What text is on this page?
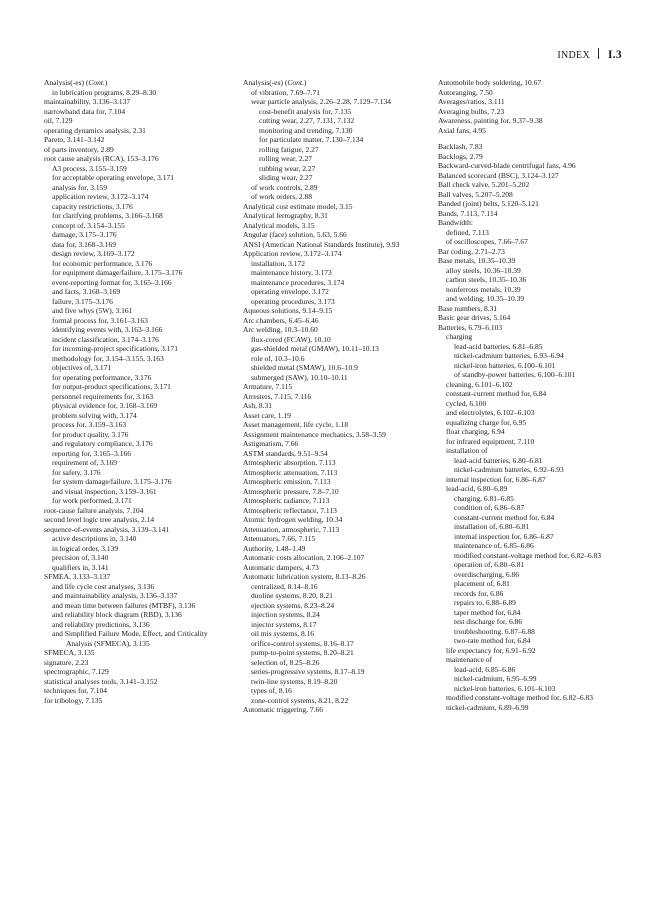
INDEX I.3
Analysis(-es) (Cont.)
in lubrication programs, 8.29–8.30
maintainability, 3.136–3.137
narrowband data for, 7.104
oil, 7.129
operating dynamics analysis, 2.31
Pareto, 3.141–3.142
of parts inventory, 2.89
root cause analysis (RCA), 153–3.176
A3 process, 3.155–3.159
for acceptable operating envelope, 3.171
analysis for, 3.159
application review, 3.172–3.174
capacity restrictions, 3.176
for clarifying problems, 3.166–3.168
concept of, 3.154–3.155
damage, 3.175–3.176
data for, 3.168–3.169
design review, 3.169–3.172
for economic performance, 3.176
for equipment damage/failure, 3.175–3.176
event-reporting format for, 3.165–3.166
and facts, 3.168–3.169
failure, 3.175–3.176
and five whys (5W), 3.161
formal process for, 3.161–3.163
identifying events with, 3.163–3.166
incident classification, 3.174–3.176
for incoming-project specifications, 3.171
methodology for, 3.154–3.155, 3.163
objectives of, 3.171
for operating performance, 3.176
for output-product specifications, 3.171
personnel requirements for, 3.163
physical evidence for, 3.168–3.169
problem solving with, 3.174
process for, 3.159–3.163
for product quality, 3.176
and regulatory compliance, 3.176
reporting for, 3.165–3.166
requirement of, 3.169
for safety, 3.176
for system damage/failure, 3.175–3.176
and visual inspection, 3.159–3.161
for work performed, 3.171
root-cause failure analysis, 7.104
second level logic tree analysis, 2.14
sequence-of-events analysis, 3.139–3.141
active descriptions in, 3.140
in logical order, 3.139
precision of, 3.140
qualifiers in, 3.141
SFMEA, 3.133–3.137
and life cycle cost analyses, 3.136
and maintainability analysis, 3.136–3.137
and mean time between failures (MTBF), 3.136
and reliability block diagram (RBD), 3.136
and reliability predictions, 3.136
and Simplified Failure Mode, Effect, and Criticality Analysis (SFMECA), 3.135
SFMECA, 3.135
signature, 2.23
spectrographic, 7.129
statistical analyses tools, 3.141–3.152
techniques for, 7.104
for tribology, 7.135
Analysis(-es) (Cont.)
of vibration, 7.69–7.71
wear particle analysis, 2.26–2.28, 7.129–7.134
cost-benefit analysis for, 7.135
cutting wear, 2.27, 7.131, 7.132
monitoring and trending, 7.130
for particulate matter, 7.130–7.134
rolling fatigue, 2.27
rolling wear, 2.27
rubbing wear, 2.27
sliding wear, 2.27
of work controls, 2.89
of work orders, 2.88
Analytical cost estimate model, 3.15
Analytical ferrography, 8.31
Analytical models, 3.15
Angular (face) solution, 5.63, 5.66
ANSI (American National Standards Institute), 9.93
Application review, 3.172–3.174
installation, 3.172
maintenance history, 3.173
maintenance procedures, 3.174
operating envelope, 3.172
operating procedures, 3.173
Aqueous solutions, 9.14–9.15
Arc chambers, 6.45–6.46
Arc welding, 10.3–10.60
flux-cored (FCAW), 10.10
gas-shielded metal (GMAW), 10.11–10.13
role of, 10.3–10.6
shielded metal (SMAW), 10.6–10.9
submerged (SAW), 10.10–10.11
Armature, 7.115
Arresters, 7.115, 7.116
Ash, 8.31
Asset care, 1.19
Asset management, life cycle, 1.18
Assignment maintenance mechanics, 3.58–3.59
Astigmatism, 7.66
ASTM standards, 9.51–9.54
Atmospheric absorption, 7.113
Atmospheric attenuation, 7.113
Atmospheric emission, 7.113
Atmospheric pressure, 7.8–7.10
Atmospheric radiance, 7.113
Atmospheric reflectance, 7.113
Atomic hydrogen welding, 10.34
Attenuation, atmospheric, 7.113
Attenuators, 7.66, 7.115
Authority, 1.48–1.49
Automatic costs allocation, 2.106–2.107
Automatic dampers, 4.73
Automatic lubrication system, 8.13–8.26
centralized, 8.14–8.16
duoline systems, 8.20, 8.21
ejection systems, 8.23–8.24
injection systems, 8.24
injector systems, 8.17
oil mis systems, 8.16
orifice-control systems, 8.16–8.17
pump-to-point systems, 8.20–8.21
selection of, 8.25–8.26
series-progressive systems, 8.17–8.19
twin-line systems, 8.19–8.20
types of, 8.16
zone-control systems, 8.21, 8.22
Automatic triggering, 7.66
Automobile body soldering, 10.67
Autoranging, 7.50
Averages/ratios, 3.111
Averaging bulbs, 7.23
Awareness, painting for, 9.37–9.38
Axial fans, 4.95
Backlash, 7.83
Backlogs, 2.79
Backward-curved-blade centrifugal fans, 4.96
Balanced scorecard (BSC), 3.124–3.127
Ball check valve, 5.201–5.202
Ball valves, 5.207–5.208
Banded (joint) belts, 5.120–5.121
Bands, 7.113, 7.114
Bandwidth:
defined, 7.113
of oscilloscopes, 7.66–7.67
Bar coding, 2.71–2.73
Base metals, 10.35–10.39
alloy steels, 10.36–10.39
carbon steels, 10.35–10.36
nonferrous metals, 10.39
and welding, 10.35–10.39
Base numbers, 8.31
Basic gear drives, 5.164
Batteries, 6.79–6.103
charging
lead-acid batteries, 6.81–6.85
nickel-cadmium batteries, 6.93–6.94
nickel-iron batteries, 6.100–6.101
of standby-power batteries, 6.100–6.101
cleaning, 6.101–6.102
constant-current method for, 6.84
cycled, 6.100
and electrolytes, 6.102–6.103
equalizing charge for, 6.95
float charging, 6.94
for infrared equipment, 7.110
installation of
lead-acid batteries, 6.80–6.81
nickel-cadmium batteries, 6.92–6.93
internal inspection for, 6.86–6.87
lead-acid, 6.80–6.89
charging, 6.81–6.85
condition of, 6.86–6.87
constant-current method for, 6.84
installation of, 6.80–6.81
internal inspection for, 6.86–6.87
maintenance of, 6.85–6.86
modified constant-voltage method for, 6.82–6.83
operation of, 6.80–6.81
overdischarging, 6.86
placement of, 6.81
records for, 6.86
repairs to, 6.88–6.89
taper method for, 6.84
test discharge for, 6.86
troubleshooting, 6.87–6.88
two-rate method for, 6.84
life expectancy for, 6.91–6.92
maintenance of
lead-acid, 6.85–6.86
nickel-cadmium, 6.95–6.99
nickel-iron batteries, 6.101–6.103
modified constant-voltage method for, 6.82–6.83
nickel-cadmium, 6.89–6.99
